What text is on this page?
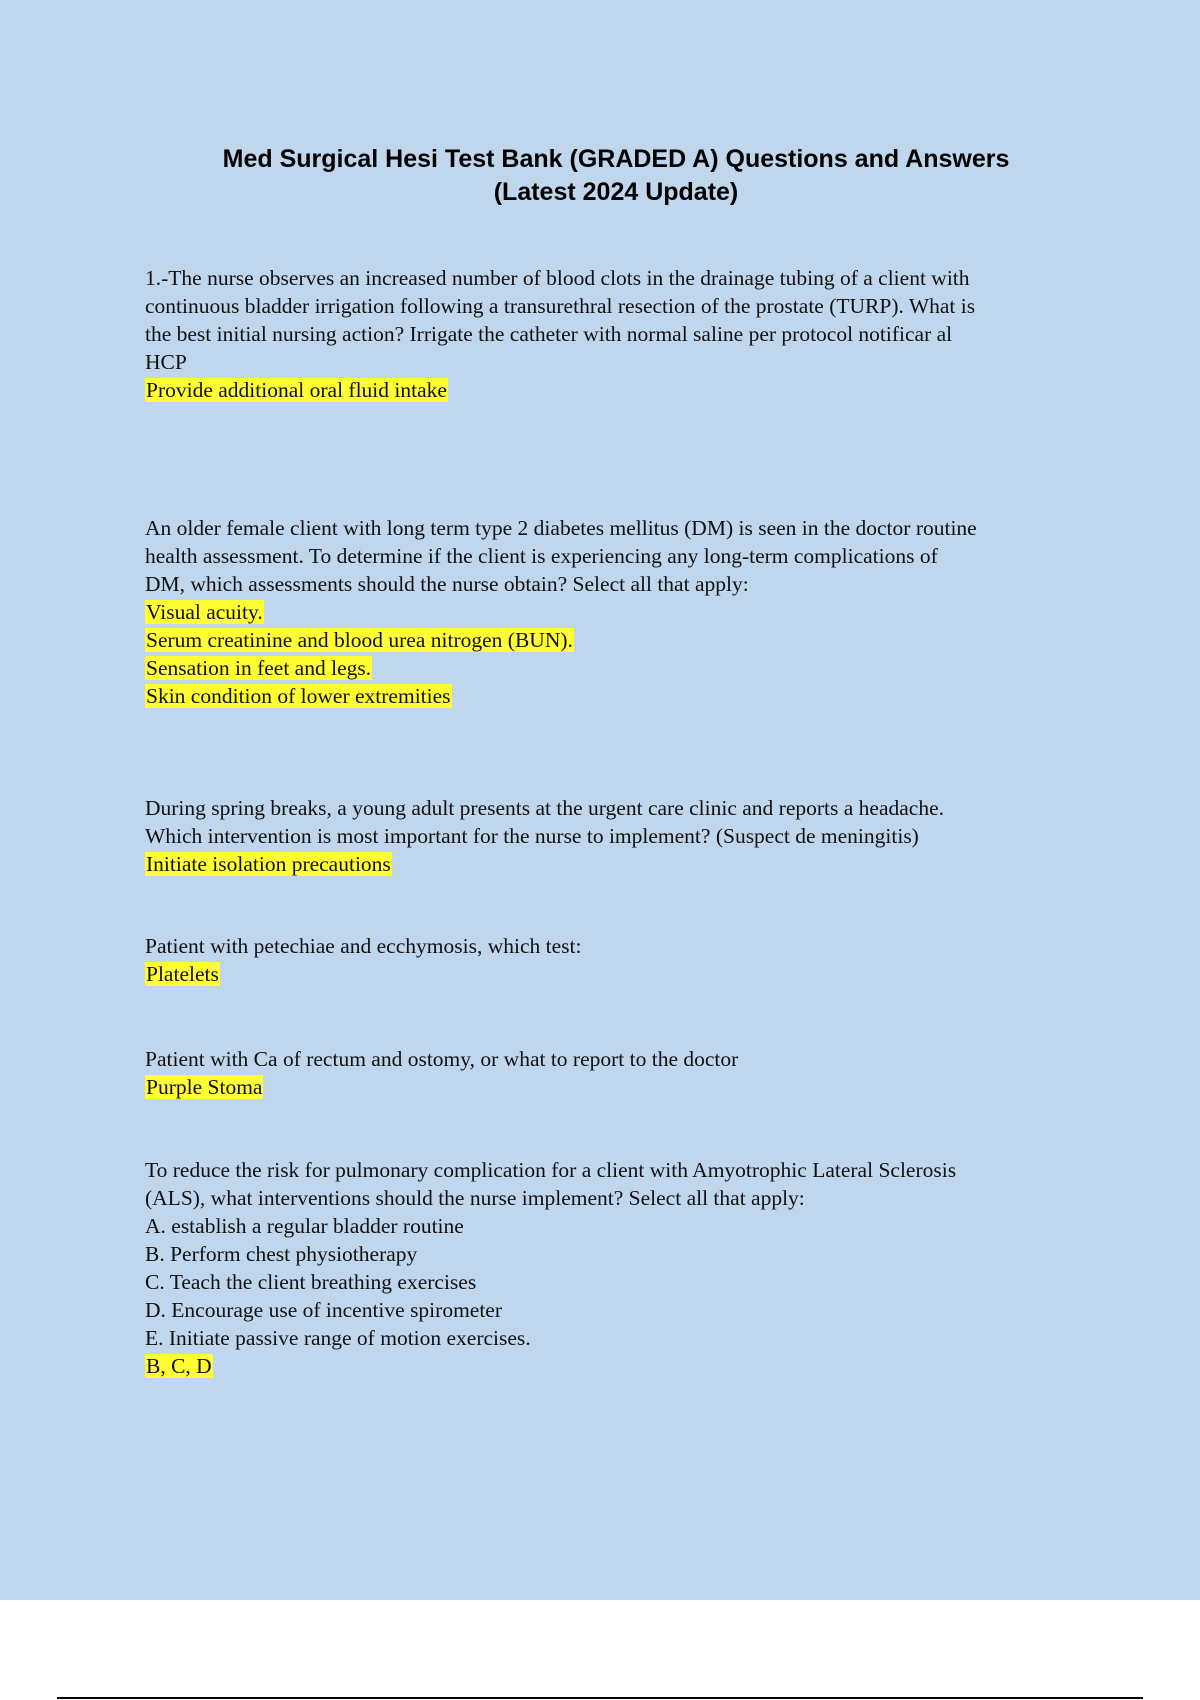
Med Surgical Hesi Test Bank (GRADED A) Questions and Answers
(Latest 2024 Update)
1.-The nurse observes an increased number of blood clots in the drainage tubing of a client with
continuous bladder irrigation following a transurethral resection of the prostate (TURP). What is
the best initial nursing action? Irrigate the catheter with normal saline per protocol notificar al
HCP
Provide additional oral fluid intake
An older female client with long term type 2 diabetes mellitus (DM) is seen in the doctor routine
health assessment. To determine if the client is experiencing any long-term complications of
DM, which assessments should the nurse obtain? Select all that apply:
Visual acuity.
Serum creatinine and blood urea nitrogen (BUN).
Sensation in feet and legs.
Skin condition of lower extremities
During spring breaks, a young adult presents at the urgent care clinic and reports a headache.
Which intervention is most important for the nurse to implement? (Suspect de meningitis)
Initiate isolation precautions
Patient with petechiae and ecchymosis, which test:
Platelets
Patient with Ca of rectum and ostomy, or what to report to the doctor
Purple Stoma
To reduce the risk for pulmonary complication for a client with Amyotrophic Lateral Sclerosis
(ALS), what interventions should the nurse implement? Select all that apply:
A. establish a regular bladder routine
B. Perform chest physiotherapy
C. Teach the client breathing exercises
D. Encourage use of incentive spirometer
E. Initiate passive range of motion exercises.
B, C, D
